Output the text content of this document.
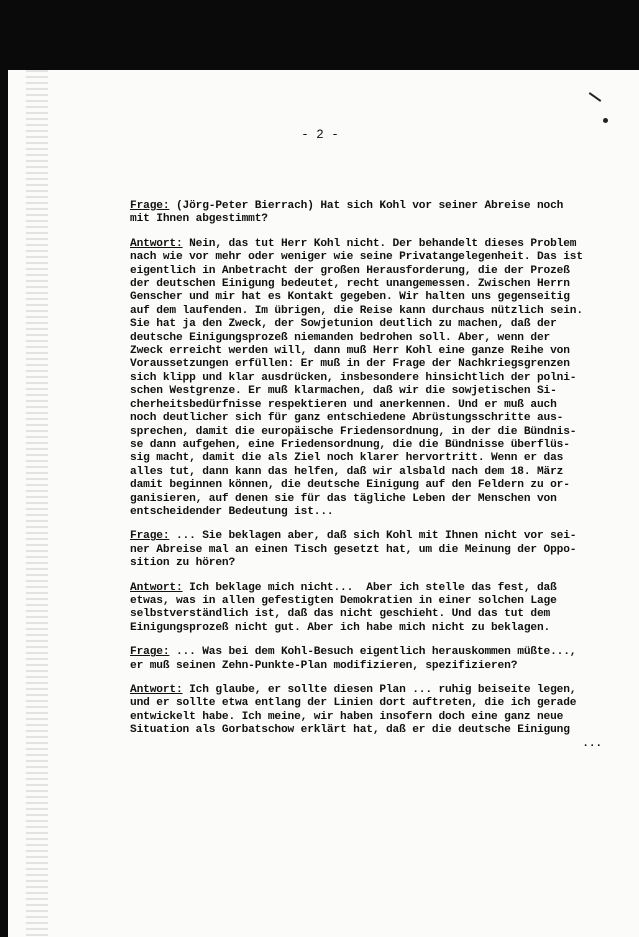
- 2 -
Frage: (Jörg-Peter Bierrach) Hat sich Kohl vor seiner Abreise noch
mit Ihnen abgestimmt?
Antwort: Nein, das tut Herr Kohl nicht. Der behandelt dieses Problem
nach wie vor mehr oder weniger wie seine Privatangelegenheit. Das ist
eigentlich in Anbetracht der großen Herausforderung, die der Prozeß
der deutschen Einigung bedeutet, recht unangemessen. Zwischen Herrn
Genscher und mir hat es Kontakt gegeben. Wir halten uns gegenseitig
auf dem laufenden. Im übrigen, die Reise kann durchaus nützlich sein.
Sie hat ja den Zweck, der Sowjetunion deutlich zu machen, daß der
deutsche Einigungsprozeß niemanden bedrohen soll. Aber, wenn der
Zweck erreicht werden will, dann muß Herr Kohl eine ganze Reihe von
Voraussetzungen erfüllen: Er muß in der Frage der Nachkriegsgrenzen
sich klipp und klar ausdrücken, insbesondere hinsichtlich der polni-
schen Westgrenze. Er muß klarmachen, daß wir die sowjetischen Si-
cherheitsbedürfnisse respektieren und anerkennen. Und er muß auch
noch deutlicher sich für ganz entschiedene Abrüstungsschritte aus-
sprechen, damit die europäische Friedensordnung, in der die Bündnis-
se dann aufgehen, eine Friedensordnung, die die Bündnisse überflüs-
sig macht, damit die als Ziel noch klarer hervortritt. Wenn er das
alles tut, dann kann das helfen, daß wir alsbald nach dem 18. März
damit beginnen können, die deutsche Einigung auf den Feldern zu or-
ganisieren, auf denen sie für das tägliche Leben der Menschen von
entscheidender Bedeutung ist...
Frage: ... Sie beklagen aber, daß sich Kohl mit Ihnen nicht vor sei-
ner Abreise mal an einen Tisch gesetzt hat, um die Meinung der Oppo-
sition zu hören?
Antwort: Ich beklage mich nicht...  Aber ich stelle das fest, daß
etwas, was in allen gefestigten Demokratien in einer solchen Lage
selbstverständlich ist, daß das nicht geschieht. Und das tut dem
Einigungsprozeß nicht gut. Aber ich habe mich nicht zu beklagen.
Frage: ... Was bei dem Kohl-Besuch eigentlich herauskommen müßte...,
er muß seinen Zehn-Punkte-Plan modifizieren, spezifizieren?
Antwort: Ich glaube, er sollte diesen Plan ... ruhig beiseite legen,
und er sollte etwa entlang der Linien dort auftreten, die ich gerade
entwickelt habe. Ich meine, wir haben insofern doch eine ganz neue
Situation als Gorbatschow erklärt hat, daß er die deutsche Einigung
...
